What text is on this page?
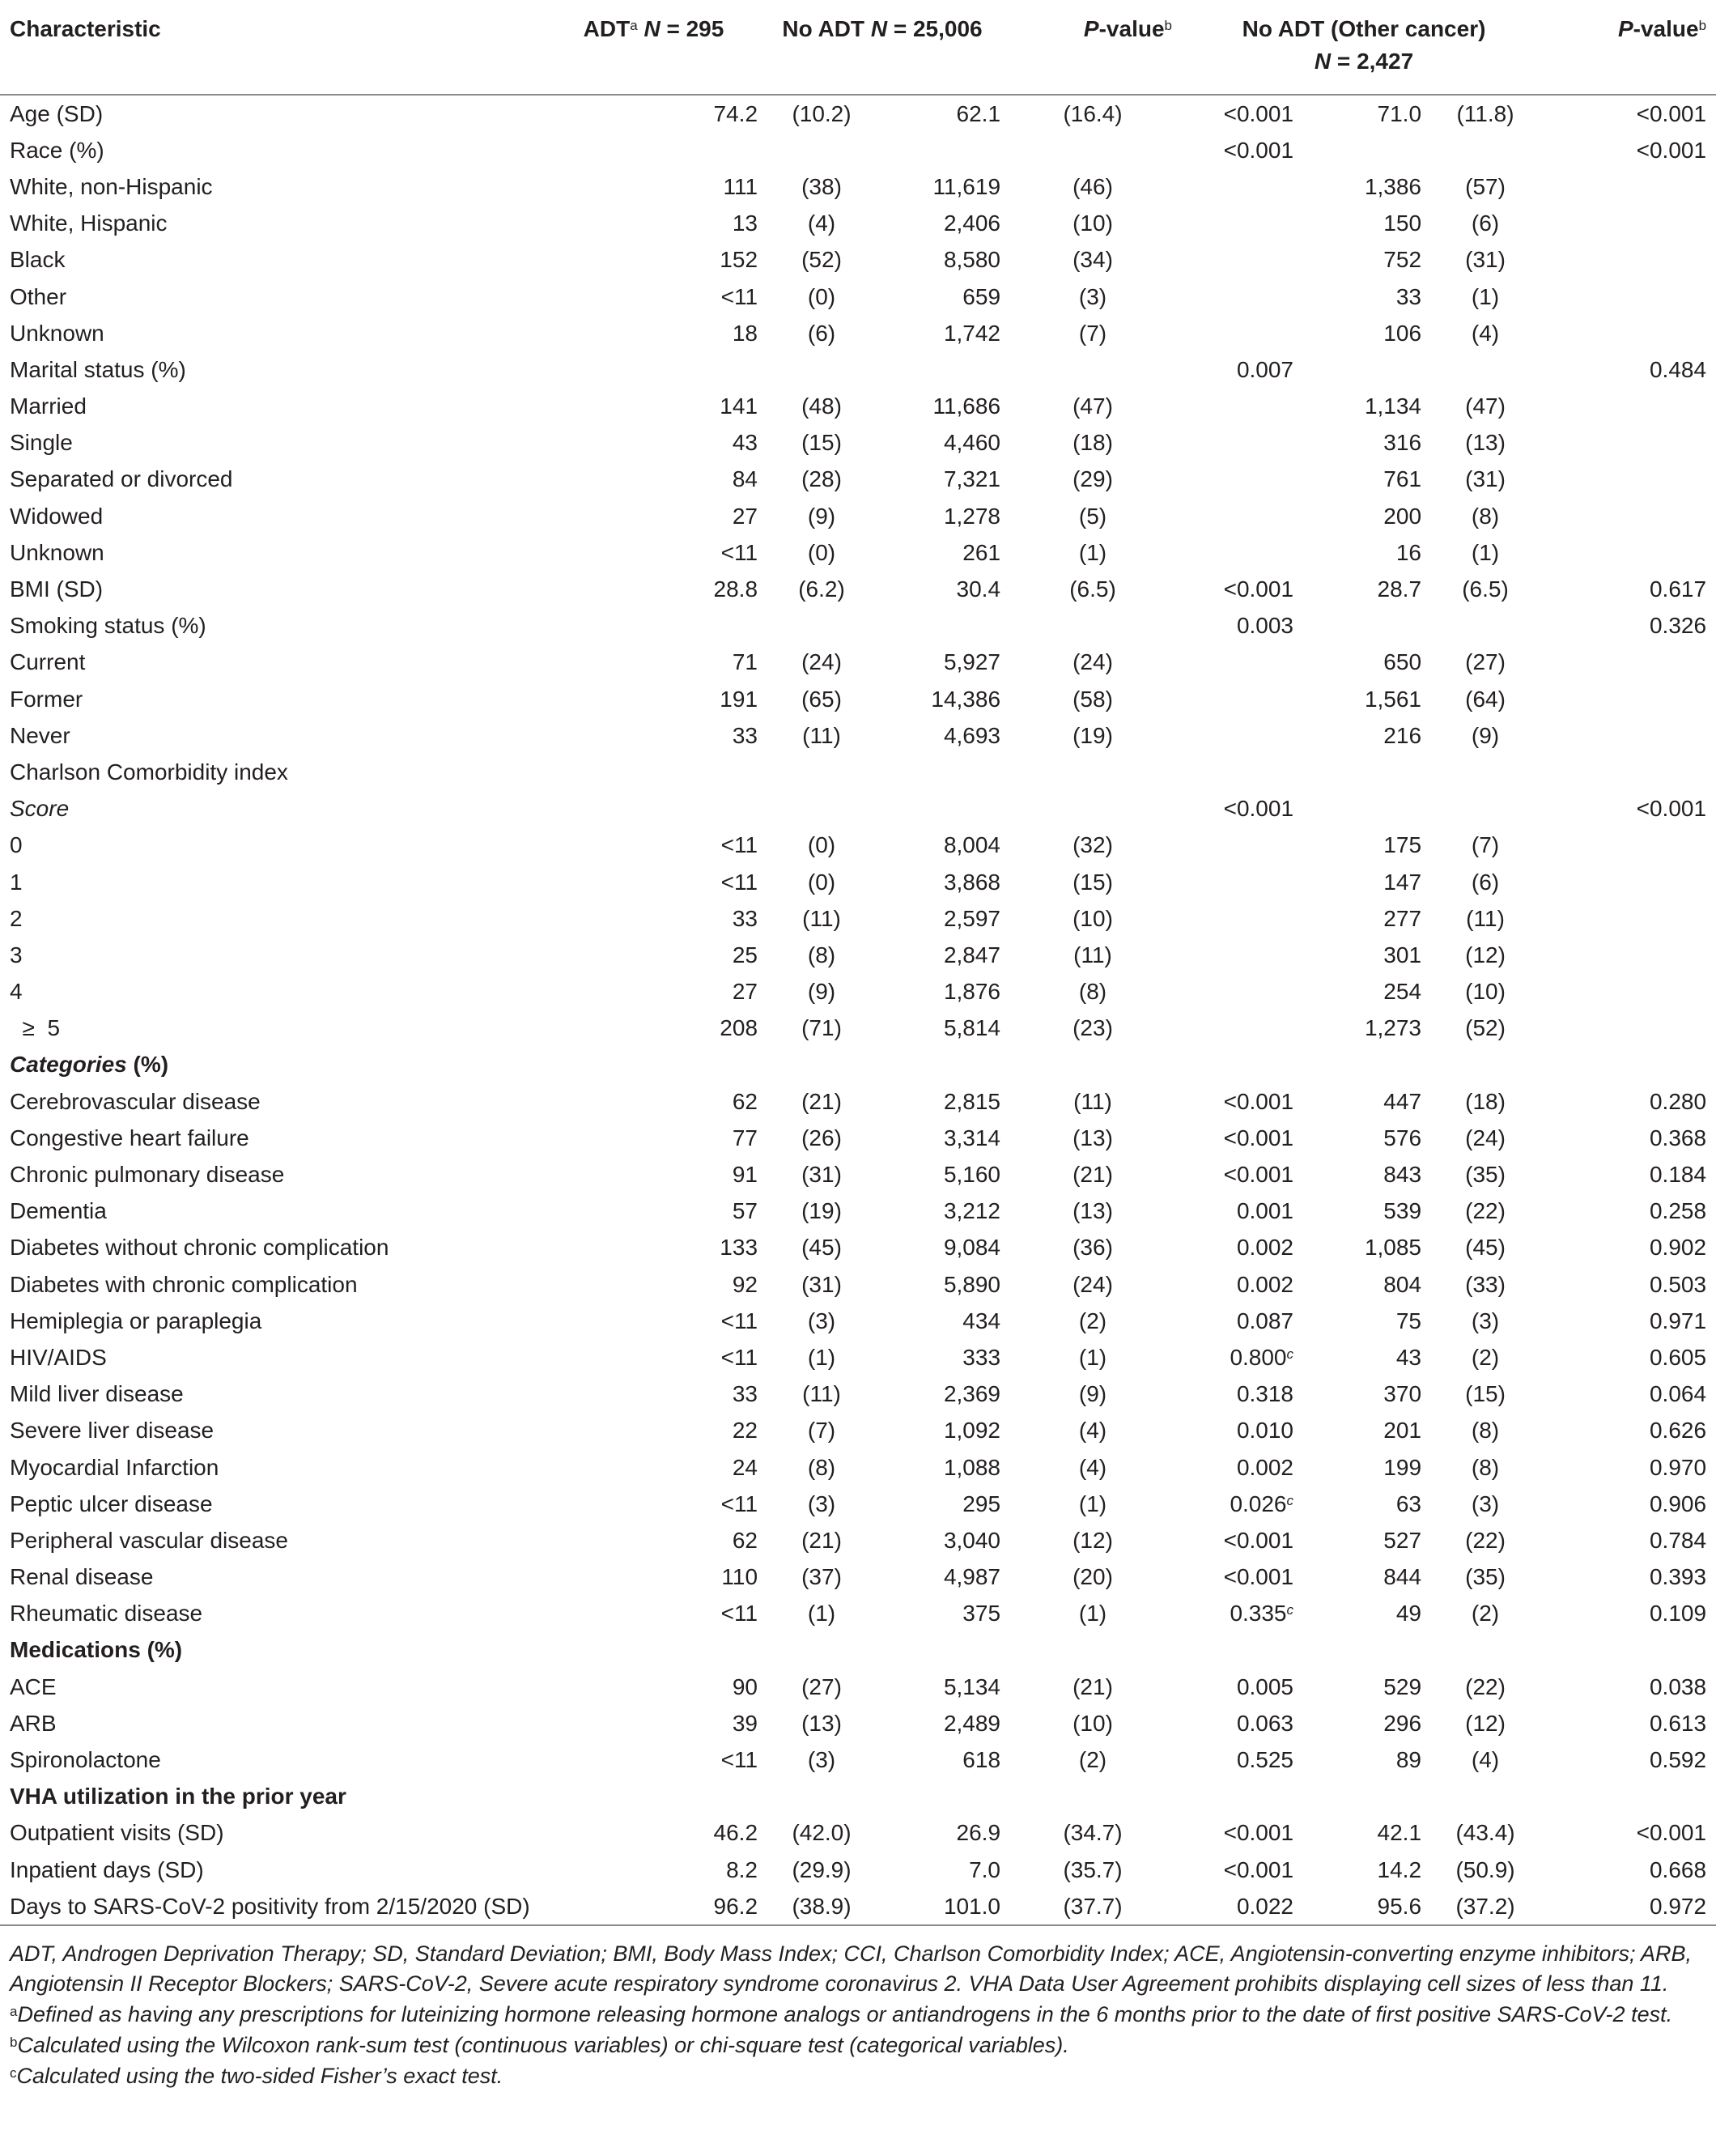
Characteristic	ADT$^a$ N = 295		No ADT N = 25,006		P-value$^b$	No ADT (Other cancer)
N = 2,427			P-value$^b$
Age (SD)		74.2	(10.2)	62.1	(16.4)	<0.001	71.0	(11.8)	<0.001
Race (%)						<0.001			<0.001
White, non-Hispanic		111	(38)	11,619	(46)		1,386	(57)	
White, Hispanic		13	(4)	2,406	(10)		150	(6)	
Black		152	(52)	8,580	(34)		752	(31)	
Other		<11	(0)	659	(3)		33	(1)	
Unknown		18	(6)	1,742	(7)		106	(4)	
Marital status (%)						0.007			0.484
Married		141	(48)	11,686	(47)		1,134	(47)	
Single		43	(15)	4,460	(18)		316	(13)	
Separated or divorced		84	(28)	7,321	(29)		761	(31)	
Widowed		27	(9)	1,278	(5)		200	(8)	
Unknown		<11	(0)	261	(1)		16	(1)	
BMI (SD)		28.8	(6.2)	30.4	(6.5)	<0.001	28.7	(6.5)	0.617
Smoking status (%)						0.003			0.326
Current		71	(24)	5,927	(24)		650	(27)	
Former		191	(65)	14,386	(58)		1,561	(64)	
Never		33	(11)	4,693	(19)		216	(9)	
Charlson Comorbidity index									
Score						<0.001			<0.001
0		<11	(0)	8,004	(32)		175	(7)	
1		<11	(0)	3,868	(15)		147	(6)	
2		33	(11)	2,597	(10)		277	(11)	
3		25	(8)	2,847	(11)		301	(12)	
4		27	(9)	1,876	(8)		254	(10)	
≥  5		208	(71)	5,814	(23)		1,273	(52)	
Categories (%)									
Cerebrovascular disease		62	(21)	2,815	(11)	<0.001	447	(18)	0.280
Congestive heart failure		77	(26)	3,314	(13)	<0.001	576	(24)	0.368
Chronic pulmonary disease		91	(31)	5,160	(21)	<0.001	843	(35)	0.184
Dementia		57	(19)	3,212	(13)	0.001	539	(22)	0.258
Diabetes without chronic complication		133	(45)	9,084	(36)	0.002	1,085	(45)	0.902
Diabetes with chronic complication		92	(31)	5,890	(24)	0.002	804	(33)	0.503
Hemiplegia or paraplegia		<11	(3)	434	(2)	0.087	75	(3)	0.971
HIV/AIDS		<11	(1)	333	(1)	0.800$^c$	43	(2)	0.605
Mild liver disease		33	(11)	2,369	(9)	0.318	370	(15)	0.064
Severe liver disease		22	(7)	1,092	(4)	0.010	201	(8)	0.626
Myocardial Infarction		24	(8)	1,088	(4)	0.002	199	(8)	0.970
Peptic ulcer disease		<11	(3)	295	(1)	0.026$^c$	63	(3)	0.906
Peripheral vascular disease		62	(21)	3,040	(12)	<0.001	527	(22)	0.784
Renal disease		110	(37)	4,987	(20)	<0.001	844	(35)	0.393
Rheumatic disease		<11	(1)	375	(1)	0.335$^c$	49	(2)	0.109
Medications (%)									
ACE		90	(27)	5,134	(21)	0.005	529	(22)	0.038
ARB		39	(13)	2,489	(10)	0.063	296	(12)	0.613
Spironolactone		<11	(3)	618	(2)	0.525	89	(4)	0.592
VHA utilization in the prior year									
Outpatient visits (SD)		46.2	(42.0)	26.9	(34.7)	<0.001	42.1	(43.4)	<0.001
Inpatient days (SD)		8.2	(29.9)	7.0	(35.7)	<0.001	14.2	(50.9)	0.668
Days to SARS-CoV-2 positivity from 2/15/2020 (SD)		96.2	(38.9)	101.0	(37.7)	0.022	95.6	(37.2)	0.972

ADT, Androgen Deprivation Therapy; SD, Standard Deviation; BMI, Body Mass Index; CCI, Charlson Comorbidity Index; ACE, Angiotensin-converting enzyme inhibitors; ARB, Angiotensin II Receptor Blockers; SARS-CoV-2, Severe acute respiratory syndrome coronavirus 2. VHA Data User Agreement prohibits displaying cell sizes of less than 11.

$^a$Defined as having any prescriptions for luteinizing hormone releasing hormone analogs or antiandrogens in the 6 months prior to the date of first positive SARS-CoV-2 test.

$^b$Calculated using the Wilcoxon rank-sum test (continuous variables) or chi-square test (categorical variables).

$^c$Calculated using the two-sided Fisher’s exact test.
